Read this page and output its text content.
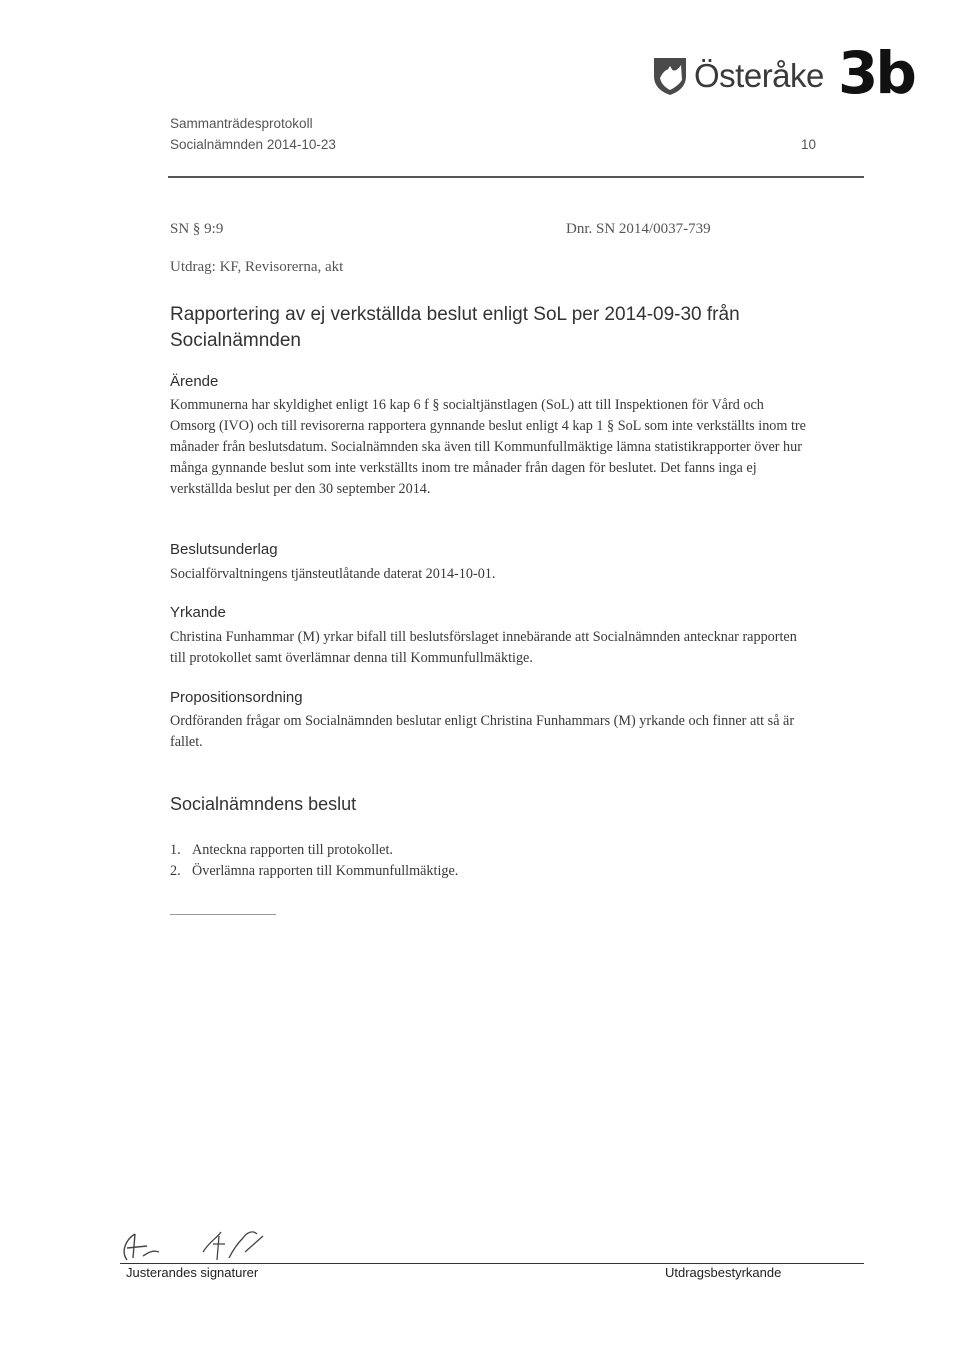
Österåke 3b
Sammanträdesprotokoll
Socialnämnden 2014-10-23	10
SN § 9:9	Dnr. SN 2014/0037-739
Utdrag: KF, Revisorerna, akt
Rapportering av ej verkställda beslut enligt SoL per 2014-09-30 från Socialnämnden
Ärende
Kommunerna har skyldighet enligt 16 kap 6 f § socialtjänstlagen (SoL) att till Inspektionen för Vård och Omsorg (IVO) och till revisorerna rapportera gynnande beslut enligt 4 kap 1 § SoL som inte verkställts inom tre månader från beslutsdatum. Socialnämnden ska även till Kommunfullmäktige lämna statistikrapporter över hur många gynnande beslut som inte verkställts inom tre månader från dagen för beslutet. Det fanns inga ej verkställda beslut per den 30 september 2014.
Beslutsunderlag
Socialförvaltningens tjänsteutlåtande daterat 2014-10-01.
Yrkande
Christina Funhammar (M) yrkar bifall till beslutsförslaget innebärande att Socialnämnden antecknar rapporten till protokollet samt överlämnar denna till Kommunfullmäktige.
Propositionsordning
Ordföranden frågar om Socialnämnden beslutar enligt Christina Funhammars (M) yrkande och finner att så är fallet.
Socialnämndens beslut
1. Anteckna rapporten till protokollet.
2. Överlämna rapporten till Kommunfullmäktige.
Justerandes signaturer	Utdragsbestyrkande
